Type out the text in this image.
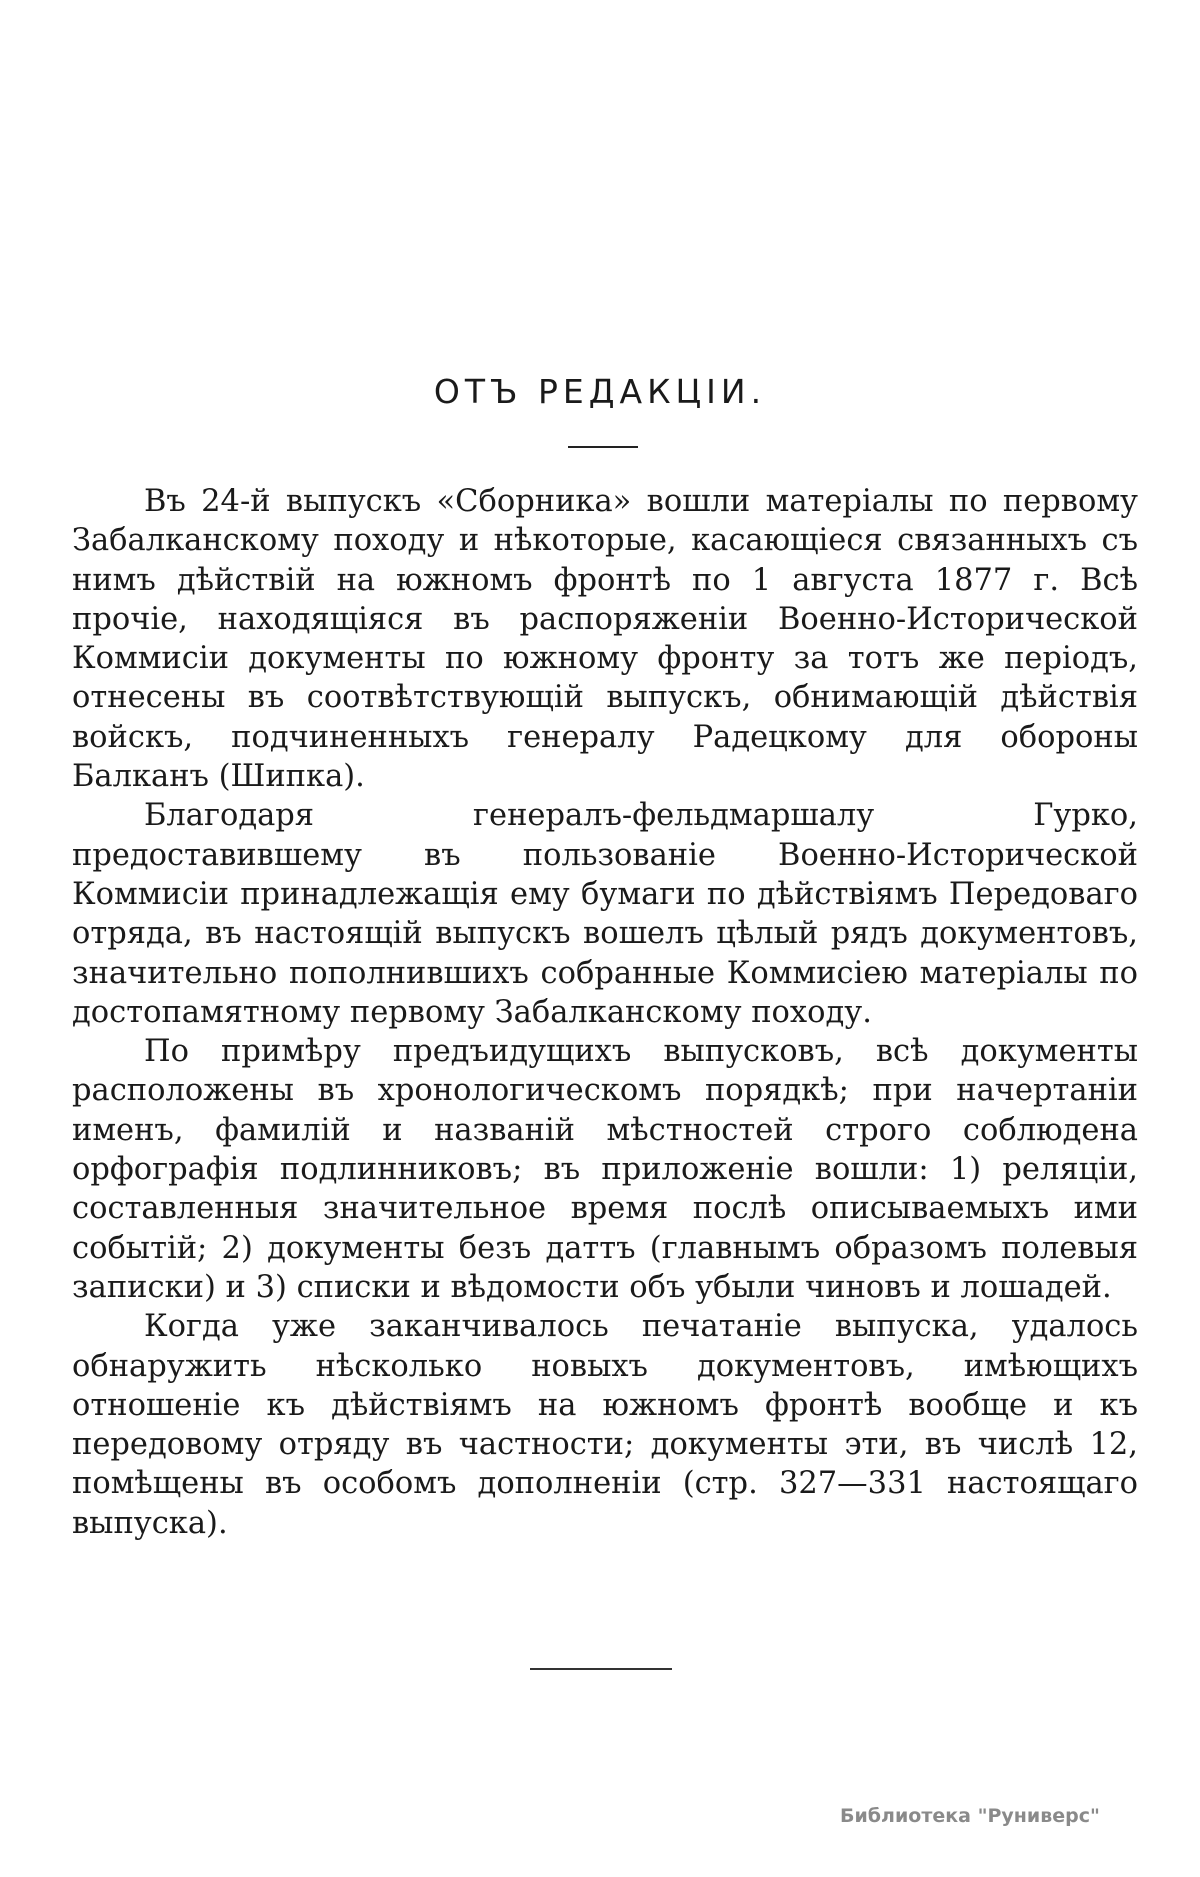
ОТЪ РЕДАКЦIИ.

Въ 24-й выпускъ «Сборника» вошли матеріалы по первому Забалканскому походу и нѣкоторые, касающіеся связанныхъ съ нимъ дѣйствій на южномъ фронтѣ по 1 августа 1877 г. Всѣ прочіе, находящіяся въ распоряженіи Военно-Исторической Коммисіи документы по южному фронту за тотъ же періодъ, отнесены въ соотвѣтствующій выпускъ, обнимающій дѣйствія войскъ, подчиненныхъ генералу Радецкому для обороны Балканъ (Шипка).

Благодаря генералъ-фельдмаршалу Гурко, предоставившему въ пользованіе Военно-Исторической Коммисіи принадлежащія ему бумаги по дѣйствіямъ Передоваго отряда, въ настоящій выпускъ вошелъ цѣлый рядъ документовъ, значительно пополнившихъ собранные Коммисіею матеріалы по достопамятному первому Забалканскому походу.

По примѣру предъидущихъ выпусковъ, всѣ документы расположены въ хронологическомъ порядкѣ; при начертаніи именъ, фамилій и названій мѣстностей строго соблюдена орфографія подлинниковъ; въ приложеніе вошли: 1) реляціи, составленныя значительное время послѣ описываемыхъ ими событій; 2) документы безъ даттъ (главнымъ образомъ полевыя записки) и 3) списки и вѣдомости объ убыли чиновъ и лошадей.

Когда уже заканчивалось печатаніе выпуска, удалось обнаружить нѣсколько новыхъ документовъ, имѣющихъ отношеніе къ дѣйствіямъ на южномъ фронтѣ вообще и къ передовому отряду въ частности; документы эти, въ числѣ 12, помѣщены въ особомъ дополненіи (стр. 327—331 настоящаго выпуска).

Библиотека "Руниверс"
